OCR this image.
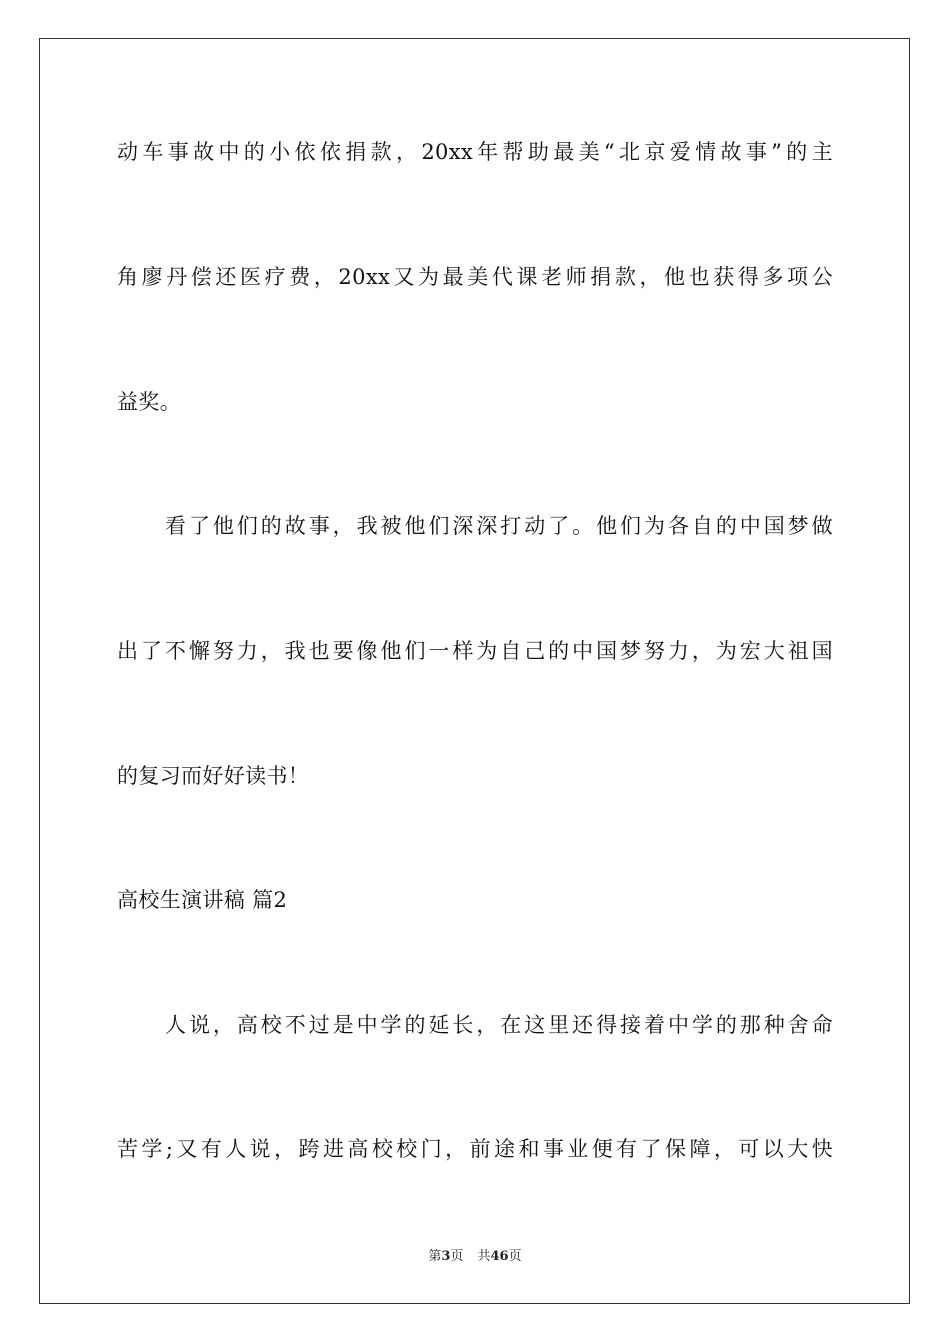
动车事故中的小依依捐款，20xx年帮助最美“北京爱情故事”的主
角廖丹偿还医疗费，20xx又为最美代课老师捐款，他也获得多项公
益奖。
看了他们的故事，我被他们深深打动了。他们为各自的中国梦做
出了不懈努力，我也要像他们一样为自己的中国梦努力，为宏大祖国
的复习而好好读书！
高校生演讲稿 篇2
人说，高校不过是中学的延长，在这里还得接着中学的那种舍命
苦学;又有人说，跨进高校校门，前途和事业便有了保障，可以大快
第3页 共46页
